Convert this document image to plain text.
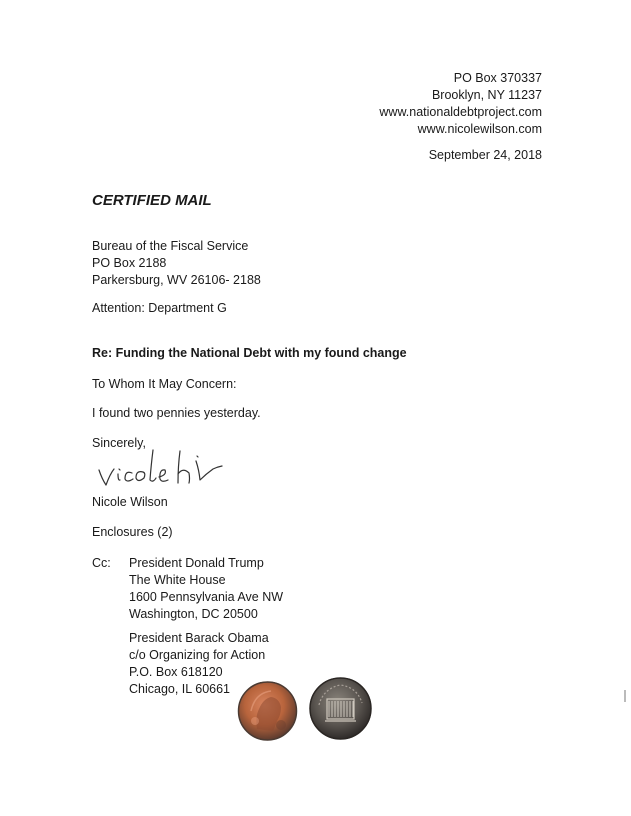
PO Box 370337
Brooklyn, NY 11237
www.nationaldebtproject.com
www.nicolewilson.com
September 24, 2018
CERTIFIED MAIL
Bureau of the Fiscal Service
PO Box 2188
Parkersburg, WV 26106- 2188
Attention: Department G
Re: Funding the National Debt with my found change
To Whom It May Concern:
I found two pennies yesterday.
Sincerely,
Nicole Wilson
Enclosures (2)
Cc: President Donald Trump
The White House
1600 Pennsylvania Ave NW
Washington, DC 20500
President Barack Obama
c/o Organizing for Action
P.O. Box 618120
Chicago, IL 60661
